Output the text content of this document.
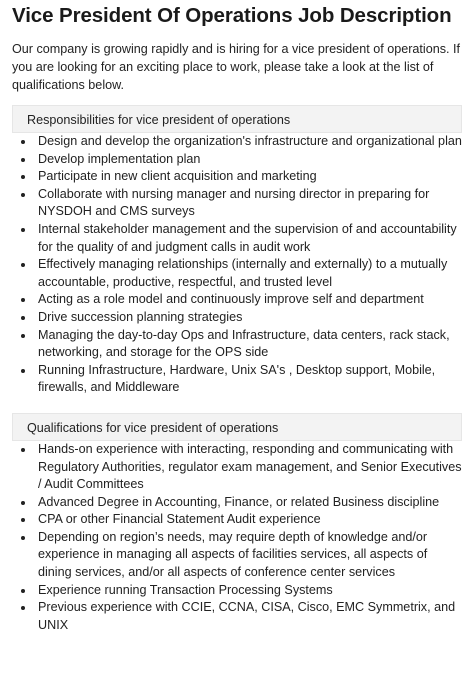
Vice President Of Operations Job Description

Our company is growing rapidly and is hiring for a vice president of operations. If you are looking for an exciting place to work, please take a look at the list of qualifications below.

Responsibilities for vice president of operations
Design and develop the organization's infrastructure and organizational plan
Develop implementation plan
Participate in new client acquisition and marketing
Collaborate with nursing manager and nursing director in preparing for NYSDOH and CMS surveys
Internal stakeholder management and the supervision of and accountability for the quality of and judgment calls in audit work
Effectively managing relationships (internally and externally) to a mutually accountable, productive, respectful, and trusted level
Acting as a role model and continuously improve self and department
Drive succession planning strategies
Managing the day-to-day Ops and Infrastructure, data centers, rack stack, networking, and storage for the OPS side
Running Infrastructure, Hardware, Unix SA's , Desktop support, Mobile, firewalls, and Middleware
Qualifications for vice president of operations
Hands-on experience with interacting, responding and communicating with Regulatory Authorities, regulator exam management, and Senior Executives / Audit Committees
Advanced Degree in Accounting, Finance, or related Business discipline
CPA or other Financial Statement Audit experience
Depending on region’s needs, may require depth of knowledge and/or experience in managing all aspects of facilities services, all aspects of dining services, and/or all aspects of conference center services
Experience running Transaction Processing Systems
Previous experience with CCIE, CCNA, CISA, Cisco, EMC Symmetrix, and UNIX
